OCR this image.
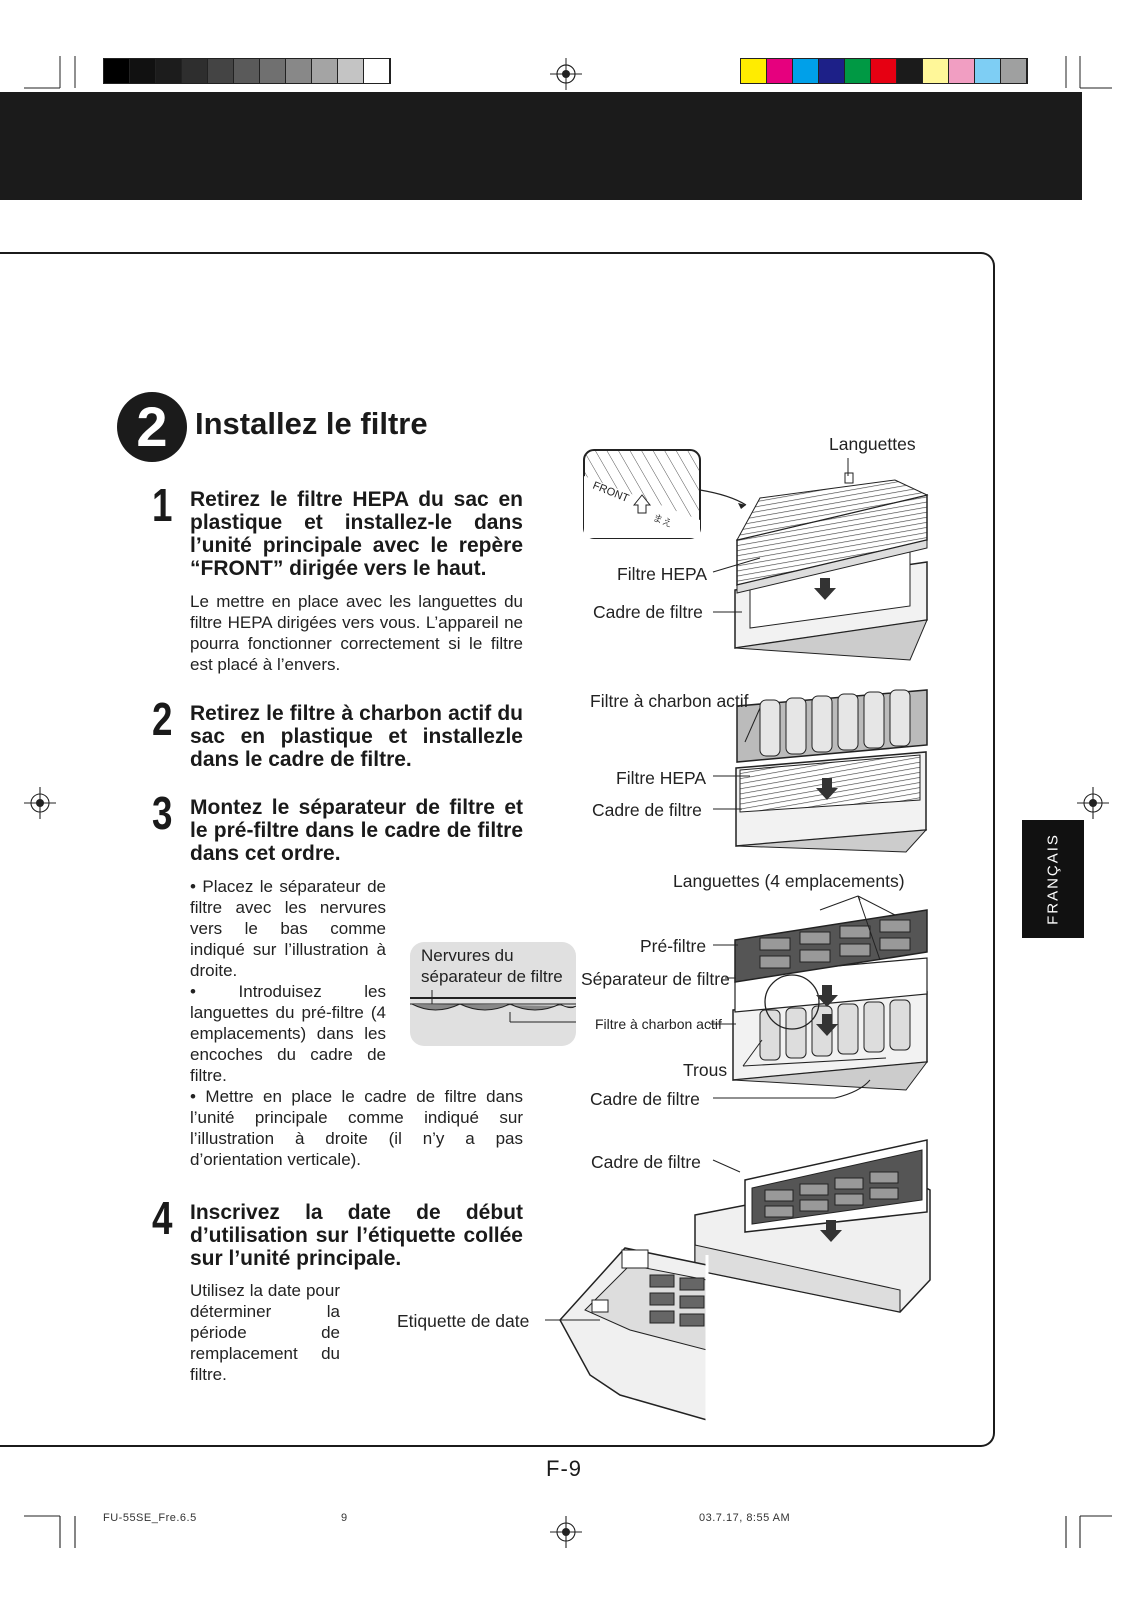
FRANÇAIS
2 Installez le filtre
1 Retirez le filtre HEPA du sac en plastique et installez-le dans l’unité principale avec le repère “FRONT” dirigée vers le haut.
Le mettre en place avec les languettes du filtre HEPA dirigées vers vous. L’appareil ne pourra fonctionner correctement si le filtre est placé à l’envers.
2 Retirez le filtre à charbon actif du sac en plastique et installezle dans le cadre de filtre.
3 Montez le séparateur de filtre et le pré-filtre dans le cadre de filtre dans cet ordre.
• Placez le séparateur de filtre avec les nervures vers le bas comme indiqué sur l’illustration à droite.
• Introduisez les languettes du pré-filtre (4 emplacements) dans les encoches du cadre de filtre.
• Mettre en place le cadre de filtre dans l’unité principale comme indiqué sur l’illustration à droite (il n’y a pas d’orientation verticale).
Nervures du
séparateur de filtre
4 Inscrivez la date de début d’utilisation sur l’étiquette collée sur l’unité principale.
Utilisez la date pour déterminer la période de remplacement du filtre.
FRONT
まえ
Languettes
Filtre HEPA
Cadre de filtre
Filtre à charbon actif
Filtre HEPA
Cadre de filtre
Languettes (4 emplacements)
Pré-filtre
Séparateur de filtre
Filtre à charbon actif
Trous
Cadre de filtre
Cadre de filtre
Etiquette de date
F-9
FU-55SE_Fre.6.5	9	03.7.17, 8:55 AM
